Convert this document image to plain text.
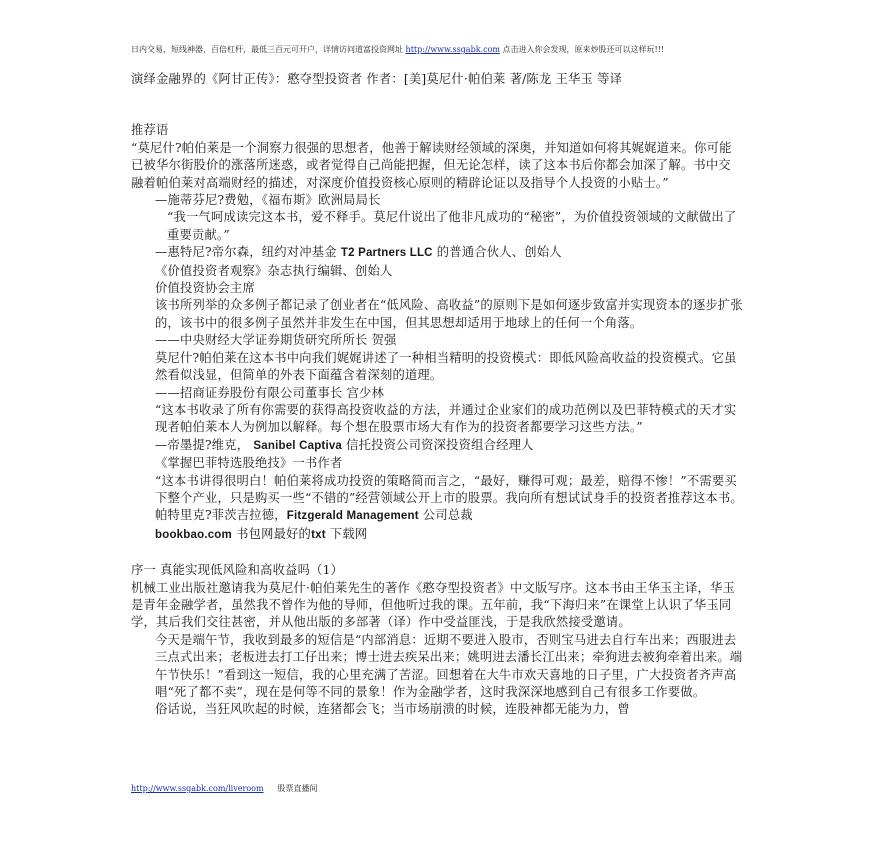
日内交易，短线神器，百倍杠杆，最低三百元可开户，详情访问道富投资网址 http://www.ssgabk.com 点击进入你会发现，原来炒股还可以这样玩!!!

演绎金融界的《阿甘正传》：憨夺型投资者 作者：[美]莫尼什·帕伯莱 著/陈龙 王华玉 等译

推荐语

“莫尼什?帕伯莱是一个洞察力很强的思想者，他善于解读财经领域的深奥，并知道如何将其娓娓道来。你可能已被华尔街股价的涨落所迷惑，或者觉得自己尚能把握，但无论怎样，读了这本书后你都会加深了解。书中交融着帕伯莱对高端财经的描述，对深度价值投资核心原则的精辟论证以及指导个人投资的小贴士。”

—施蒂芬尼?费勉，《福布斯》欧洲局局长

“我一气呵成读完这本书，爱不释手。莫尼什说出了他非凡成功的“秘密”，为价值投资领域的文献做出了重要贡献。”

—惠特尼?帝尔森，纽约对冲基金 T2 Partners LLC 的普通合伙人、创始人

《价值投资者观察》杂志执行编辑、创始人

价值投资协会主席

该书所列举的众多例子都记录了创业者在“低风险、高收益”的原则下是如何逐步致富并实现资本的逐步扩张的，该书中的很多例子虽然并非发生在中国，但其思想却适用于地球上的任何一个角落。

——中央财经大学证券期货研究所所长 贺强

莫尼什?帕伯莱在这本书中向我们娓娓讲述了一种相当精明的投资模式：即低风险高收益的投资模式。它虽然看似浅显，但简单的外表下面蕴含着深刻的道理。

——招商证券股份有限公司董事长 宫少林

“这本书收录了所有你需要的获得高投资收益的方法，并通过企业家们的成功范例以及巴菲特模式的天才实现者帕伯莱本人为例加以解释。每个想在股票市场大有作为的投资者都要学习这些方法。”

—帝墨提?维克， Sanibel Captiva 信托投资公司资深投资组合经理人

《掌握巴菲特选股绝技》一书作者

“这本书讲得很明白！帕伯莱将成功投资的策略简而言之，“最好，赚得可观；最差，赔得不惨！”不需要买下整个产业，只是购买一些“不错的”经营领域公开上市的股票。我向所有想试试身手的投资者推荐这本书。

帕特里克?菲茨吉拉德，Fitzgerald Management 公司总裁

bookbao.com 书包网最好的txt 下载网

序一 真能实现低风险和高收益吗（1）

机械工业出版社邀请我为莫尼什·帕伯莱先生的著作《憨夺型投资者》中文版写序。这本书由王华玉主译，华玉是青年金融学者，虽然我不曾作为他的导师，但他听过我的课。五年前，我“下海归来”在课堂上认识了华玉同学，其后我们交往甚密，并从他出版的多部著（译）作中受益匪浅，于是我欣然接受邀请。

今天是端午节，我收到最多的短信是“内部消息：近期不要进入股市，否则宝马进去自行车出来；西服进去三点式出来；老板进去打工仔出来；博士进去疾呆出来；姚明进去潘长江出来；牵狗进去被狗牵着出来。端午节快乐！”看到这一短信，我的心里充满了苦涩。回想着在大牛市欢天喜地的日子里，广大投资者齐声高唱“死了都不卖”，现在是何等不同的景象！作为金融学者，这时我深深地感到自己有很多工作要做。

俗话说，当狂风吹起的时候，连猪都会飞；当市场崩溃的时候，连股神都无能为力，曾

http://www.ssgabk.com/liveroom 股票直播间
